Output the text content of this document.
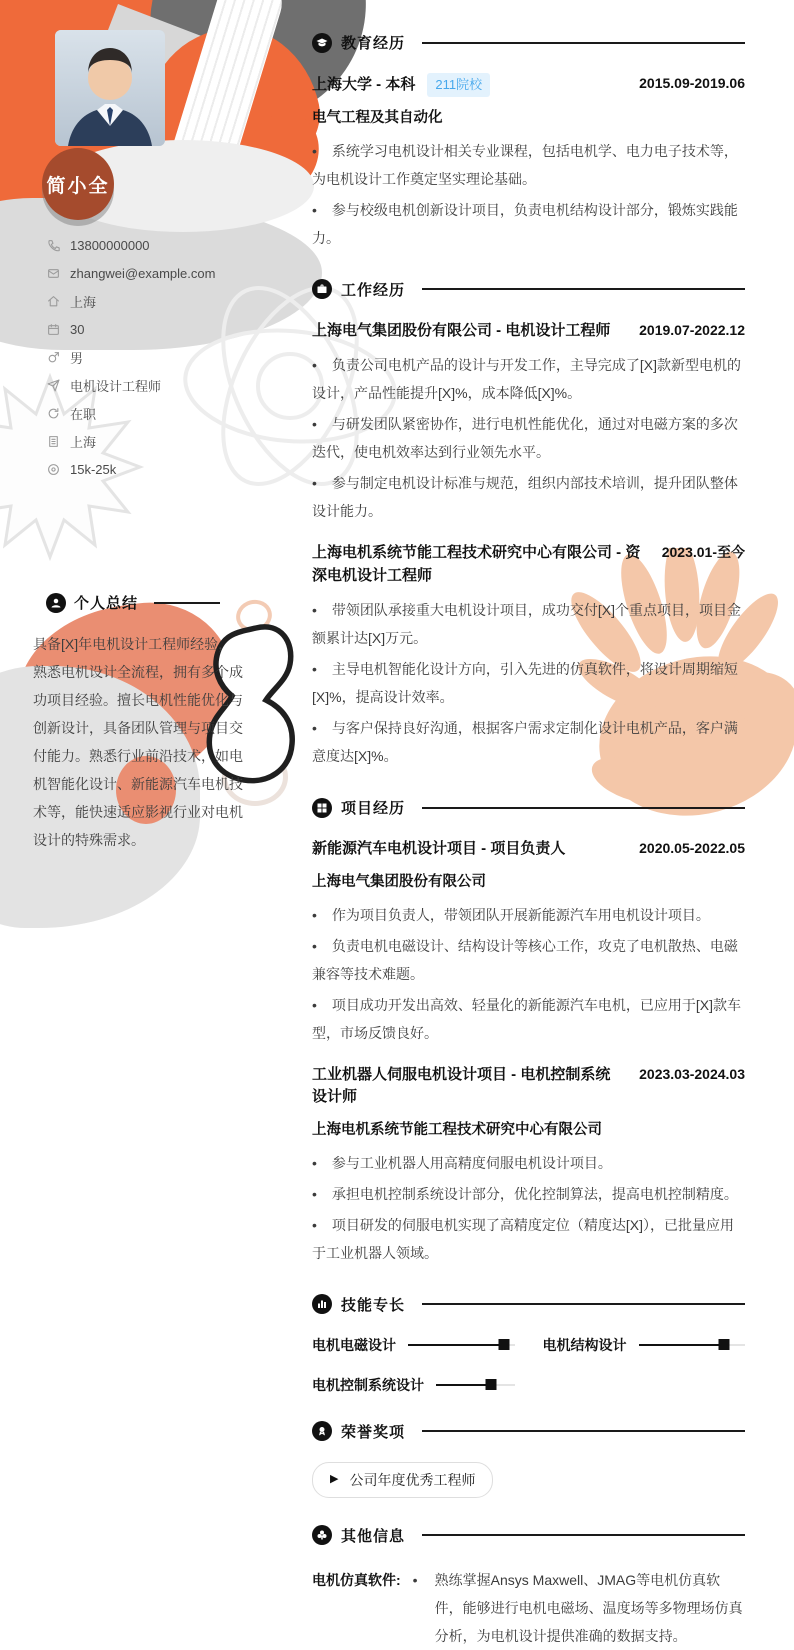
简小全
13800000000
zhangwei@example.com
上海
30
男
电机设计工程师
在职
上海
15k-25k
个人总结

具备[X]年电机设计工程师经验，熟悉电机设计全流程，拥有多个成功项目经验。擅长电机性能优化与创新设计，具备团队管理与项目交付能力。熟悉行业前沿技术，如电机智能化设计、新能源汽车电机技术等，能快速适应影视行业对电机设计的特殊需求。

教育经历
上海大学 - 本科	211院校	2015.09-2019.06

电气工程及其自动化

• 系统学习电机设计相关专业课程，包括电机学、电力电子技术等，为电机设计工作奠定坚实理论基础。

• 参与校级电机创新设计项目，负责电机结构设计部分，锻炼实践能力。

工作经历
上海电气集团股份有限公司 - 电机设计工程师	2019.07-2022.12

• 负责公司电机产品的设计与开发工作，主导完成了[X]款新型电机的设计，产品性能提升[X]%，成本降低[X]%。

• 与研发团队紧密协作，进行电机性能优化，通过对电磁方案的多次迭代，使电机效率达到行业领先水平。

• 参与制定电机设计标准与规范，组织内部技术培训，提升团队整体设计能力。

上海电机系统节能工程技术研究中心有限公司 - 资深电机设计工程师
2023.01-至今

• 带领团队承接重大电机设计项目，成功交付[X]个重点项目，项目金额累计达[X]万元。

• 主导电机智能化设计方向，引入先进的仿真软件，将设计周期缩短[X]%，提高设计效率。

• 与客户保持良好沟通，根据客户需求定制化设计电机产品，客户满意度达[X]%。

项目经历
新能源汽车电机设计项目 - 项目负责人	2020.05-2022.05

上海电气集团股份有限公司

• 作为项目负责人，带领团队开展新能源汽车用电机设计项目。

• 负责电机电磁设计、结构设计等核心工作，攻克了电机散热、电磁兼容等技术难题。

• 项目成功开发出高效、轻量化的新能源汽车电机，已应用于[X]款车型，市场反馈良好。

工业机器人伺服电机设计项目 - 电机控制系统设计师
2023.03-2024.03

上海电机系统节能工程技术研究中心有限公司

• 参与工业机器人用高精度伺服电机设计项目。

• 承担电机控制系统设计部分，优化控制算法，提高电机控制精度。

• 项目研发的伺服电机实现了高精度定位（精度达[X]），已批量应用于工业机器人领域。

技能专长
电机电磁设计	电机结构设计
电机控制系统设计
荣誉奖项
▶ 公司年度优秀工程师
其他信息
电机仿真软件:	• 熟练掌握Ansys Maxwell、JMAG等电机仿真软件，能够进行电机电磁场、温度场等多物理场仿真分析，为电机设计提供准确的数据支持。
